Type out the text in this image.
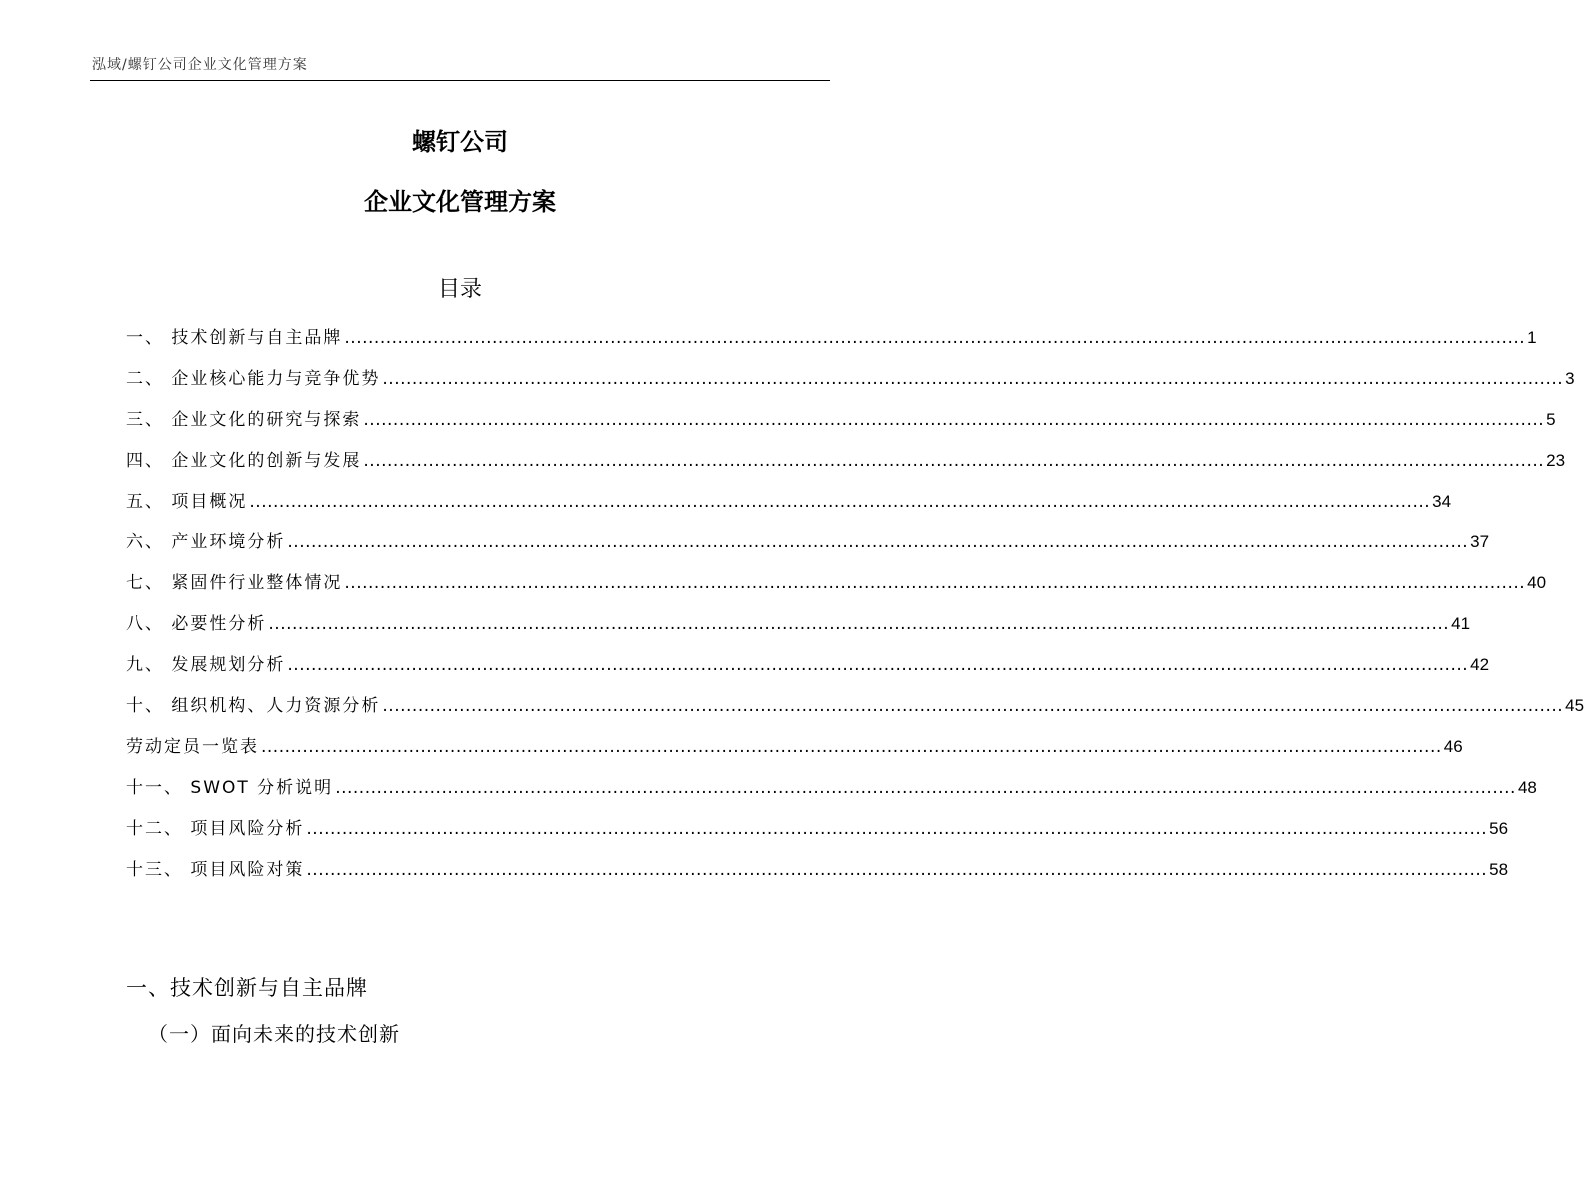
泓域/螺钉公司企业文化管理方案
螺钉公司
企业文化管理方案
目录
一、 技术创新与自主品牌 ........................................................................................................................................................................................................ 1
二、 企业核心能力与竞争优势 ........................................................................................................................................................................................................ 3
三、 企业文化的研究与探索 ........................................................................................................................................................................................................ 5
四、 企业文化的创新与发展 ........................................................................................................................................................................................................ 23
五、 项目概况 ........................................................................................................................................................................................................ 34
六、 产业环境分析 ........................................................................................................................................................................................................ 37
七、 紧固件行业整体情况 ........................................................................................................................................................................................................ 40
八、 必要性分析 ........................................................................................................................................................................................................ 41
九、 发展规划分析 ........................................................................................................................................................................................................ 42
十、 组织机构、人力资源分析 ........................................................................................................................................................................................................ 45
劳动定员一览表 ........................................................................................................................................................................................................ 46
十一、 SWOT 分析说明 ........................................................................................................................................................................................................ 48
十二、 项目风险分析 ........................................................................................................................................................................................................ 56
十三、 项目风险对策 ........................................................................................................................................................................................................ 58
一、技术创新与自主品牌
（一）面向未来的技术创新
